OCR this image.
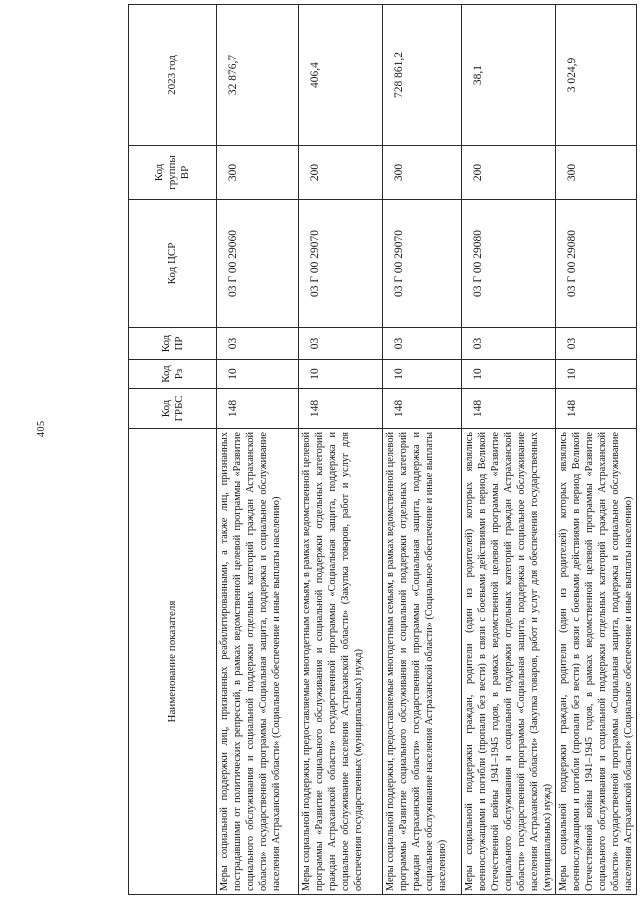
405
Наименование показателя	Код ГРБС	Код Рз	Код ПР	Код ЦСР	Код группы ВР	2023 год
Меры социальной поддержки лиц, признанных реабилитированными, а также лиц, признанных пострадавшими от политических репрессий, в рамках ведомственной целевой программы «Развитие социального обслуживания и социальной поддержки отдельных категорий граждан Астраханской области» государственной программы «Социальная защита, поддержка и социальное обслуживание населения Астраханской области» (Социальное обеспечение и иные выплаты населению)	148	10	03	03 Г 00 29060	300	32 876,7
Меры социальной поддержки, предоставляемые многодетным семьям, в рамках ведомственной целевой программы «Развитие социального обслуживания и социальной поддержки отдельных категорий граждан Астраханской области» государственной программы «Социальная защита, поддержка и социальное обслуживание населения Астраханской области» (Закупка товаров, работ и услуг для обеспечения государственных (муниципальных) нужд)	148	10	03	03 Г 00 29070	200	406,4
Меры социальной поддержки, предоставляемые многодетным семьям, в рамках ведомственной целевой программы «Развитие социального обслуживания и социальной поддержки отдельных категорий граждан Астраханской области» государственной программы «Социальная защита, поддержка и социальное обслуживание населения Астраханской области» (Социальное обеспечение и иные выплаты населению)	148	10	03	03 Г 00 29070	300	728 861,2
Меры социальной поддержки граждан, родители (один из родителей) которых являлись военнослужащими и погибли (пропали без вести) в связи с боевыми действиями в период Великой Отечественной войны 1941–1945 годов, в рамках ведомственной целевой программы «Развитие социального обслуживания и социальной поддержки отдельных категорий граждан Астраханской области» государственной программы «Социальная защита, поддержка и социальное обслуживание населения Астраханской области» (Закупка товаров, работ и услуг для обеспечения государственных (муниципальных) нужд)	148	10	03	03 Г 00 29080	200	38,1
Меры социальной поддержки граждан, родители (один из родителей) которых являлись военнослужащими и погибли (пропали без вести) в связи с боевыми действиями в период Великой Отечественной войны 1941–1945 годов, в рамках ведомственной целевой программы «Развитие социального обслуживания и социальной поддержки отдельных категорий граждан Астраханской области» государственной программы «Социальная защита, поддержка и социальное обслуживание населения Астраханской области» (Социальное обеспечение и иные выплаты населению)	148	10	03	03 Г 00 29080	300	3 024,9
